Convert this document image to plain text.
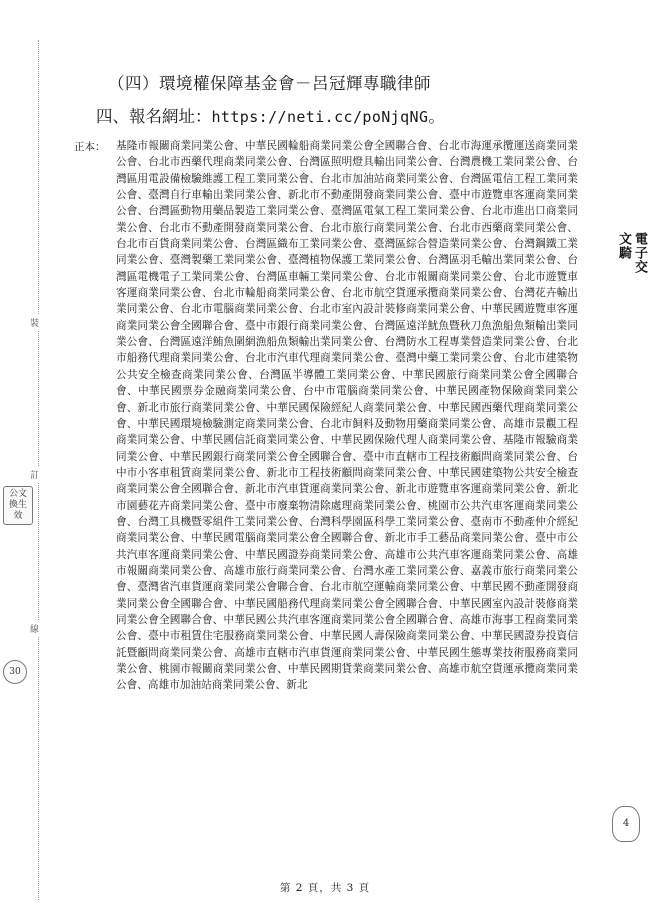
裝
訂
線
公文換生效
30
電子交文騎
4
（四）環境權保障基金會－呂冠輝專職律師
四、報名網址：https://neti.cc/poNjqNG。
正本： 基隆市報關商業同業公會、中華民國輪船商業同業公會全國聯合會、台北市海運承攬運送商業同業公會、台北市西藥代理商業同業公會、台灣區照明燈具輸出同業公會、台灣農機工業同業公會、台灣區用電設備檢驗維護工程工業同業公會、台北市加油站商業同業公會、台灣區電信工程工業同業公會、臺灣自行車輸出業同業公會、新北市不動產開發商業同業公會、臺中市遊覽車客運商業同業公會、台灣區動物用藥品製造工業同業公會、臺灣區電氣工程工業同業公會、台北市進出口商業同業公會、台北市不動產開發商業同業公會、台北市旅行商業同業公會、台北市西藥商業同業公會、台北市百貨商業同業公會、台灣區織布工業同業公會、臺灣區綜合營造業同業公會、台灣鋼鐵工業同業公會、臺灣製藥工業同業公會、臺灣植物保護工業同業公會、台灣區羽毛輸出業同業公會、台灣區電機電子工業同業公會、台灣區車輛工業同業公會、台北市報關商業同業公會、台北市遊覽車客運商業同業公會、台北市輪船商業同業公會、台北市航空貨運承攬商業同業公會、台灣花卉輸出業同業公會、台北市電腦商業同業公會、台北市室內設計裝修商業同業公會、中華民國遊覽車客運商業同業公會全國聯合會、臺中市銀行商業同業公會、台灣區遠洋魷魚暨秋刀魚漁船魚類輸出業同業公會、台灣區遠洋鮪魚圍網漁船魚類輸出業同業公會、台灣防水工程專業營造業同業公會、台北市船務代理商業同業公會、台北市汽車代理商業同業公會、臺灣中藥工業同業公會、台北市建築物公共安全檢查商業同業公會、台灣區半導體工業同業公會、中華民國旅行商業同業公會全國聯合會、中華民國票券金融商業同業公會、台中市電腦商業同業公會、中華民國產物保險商業同業公會、新北市旅行商業同業公會、中華民國保險經紀人商業同業公會、中華民國西藥代理商業同業公會、中華民國環境檢驗測定商業同業公會、台北市飼料及動物用藥商業同業公會、高雄市景觀工程商業同業公會、中華民國信託商業同業公會、中華民國保險代理人商業同業公會、基隆市報驗商業同業公會、中華民國銀行商業同業公會全國聯合會、臺中市直轄市工程技術顧問商業同業公會、台中市小客車租賃商業同業公會、新北市工程技術顧問商業同業公會、中華民國建築物公共安全檢查商業同業公會全國聯合會、新北市汽車貨運商業同業公會、新北市遊覽車客運商業同業公會、新北市園藝花卉商業同業公會、臺中市廢棄物清除處理商業同業公會、桃園市公共汽車客運商業同業公會、台灣工具機暨零組件工業同業公會、台灣科學園區科學工業同業公會、臺南市不動產仲介經紀商業同業公會、中華民國電腦商業同業公會全國聯合會、新北市手工藝品商業同業公會、臺中市公共汽車客運商業同業公會、中華民國證券商業同業公會、高雄市公共汽車客運商業同業公會、高雄市報關商業同業公會、高雄市旅行商業同業公會、台灣水產工業同業公會、嘉義市旅行商業同業公會、臺灣省汽車貨運商業同業公會聯合會、台北市航空運輸商業同業公會、中華民國不動產開發商業同業公會全國聯合會、中華民國船務代理商業同業公會全國聯合會、中華民國室內設計裝修商業同業公會全國聯合會、中華民國公共汽車客運商業同業公會全國聯合會、高雄市海事工程商業同業公會、臺中市租賃住宅服務商業同業公會、中華民國人壽保險商業同業公會、中華民國證券投資信託暨顧問商業同業公會、高雄市直轄市汽車貨運商業同業公會、中華民國生態專業技術服務商業同業公會、桃園市報關商業同業公會、中華民國期貨業商業同業公會、高雄市航空貨運承攬商業同業公會、高雄市加油站商業同業公會、新北

第 2 頁，共 3 頁
